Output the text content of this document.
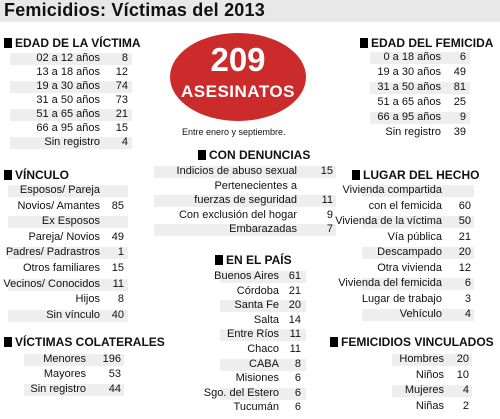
Femicidios: Víctimas del 2013
209
ASESINATOS
Entre enero y septiembre.
EDAD DE LA VÍCTIMA
02 a 12 años 8
13 a 18 años 12
19 a 30 años 74
31 a 50 años 73
51 a 65 años 21
66 a 95 años 15
Sin registro 4
EDAD DEL FEMICIDA
0 a 18 años 6
19 a 30 años 49
31 a 50 años 81
51 a 65 años 25
66 a 95 años 9
Sin registro 39
VÍNCULO
Esposos/ Pareja
Novios/ Amantes 85
Ex Esposos
Pareja/ Novios 49
Padres/ Padrastros 1
Otros familiares 15
Vecinos/ Conocidos 11
Hijos 8
Sin vínculo 40
CON DENUNCIAS
Indicios de abuso sexual 15
Pertenecientes a
fuerzas de seguridad 11
Con exclusión del hogar	9
Embarazadas	7
LUGAR DEL HECHO
Vivienda compartida
con el femicida 60
Vivienda de la víctima 50
Vía pública 21
Descampado 20
Otra vivienda 12
Vivienda del femicida 6
Lugar de trabajo 3
Vehículo 4
EN EL PAÍS
Buenos Aires 61
Córdoba 21
Santa Fe 20
Salta 14
Entre Ríos 11
Chaco 11
CABA 8
Misiones 6
Sgo. del Estero 6
Tucumán 6
VÍCTIMAS COLATERALES
Menores 196
Mayores 53
Sin registro 44
FEMICIDIOS VINCULADOS
Hombres 20
Niños 10
Mujeres 4
Niñas 2
